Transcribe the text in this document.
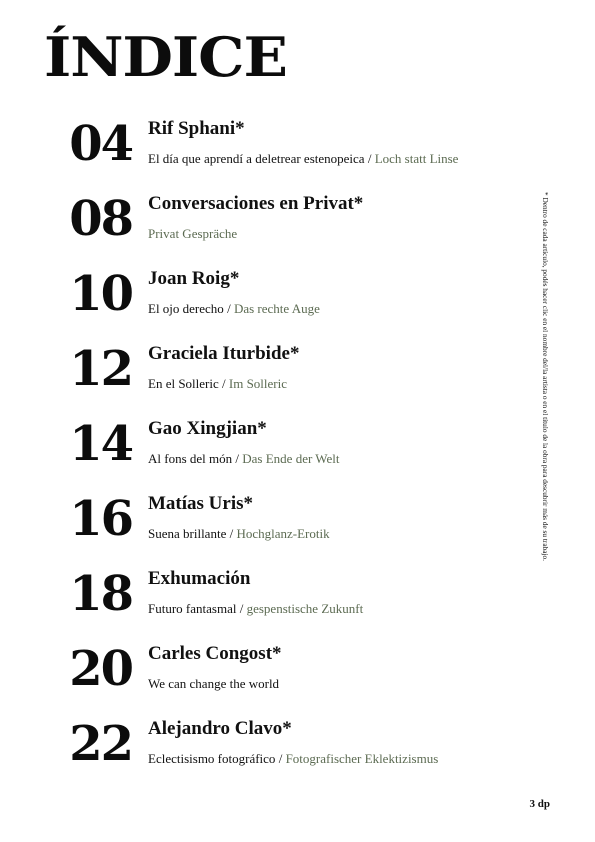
ÍNDICE
04 Rif Sphani*
El día que aprendí a deletrear estenopeica / Loch statt Linse
08 Conversaciones en Privat*
Privat Gespräche
10 Joan Roig*
El ojo derecho / Das rechte Auge
12 Graciela Iturbide*
En el Solleric / Im Solleric
14 Gao Xingjian*
Al fons del món / Das Ende der Welt
16 Matías Uris*
Suena brillante / Hochglanz-Erotik
18 Exhumación
Futuro fantasmal / gespenstische Zukunft
20 Carles Congost*
We can change the world
22 Alejandro Clavo*
Eclectisismo fotográfico / Fotografischer Eklektizismus
* Dentro de cada artículo, podés hacer clic en el nombre del/la artista o en el título de la obra para descubrir más de su trabajo.
3 dp
